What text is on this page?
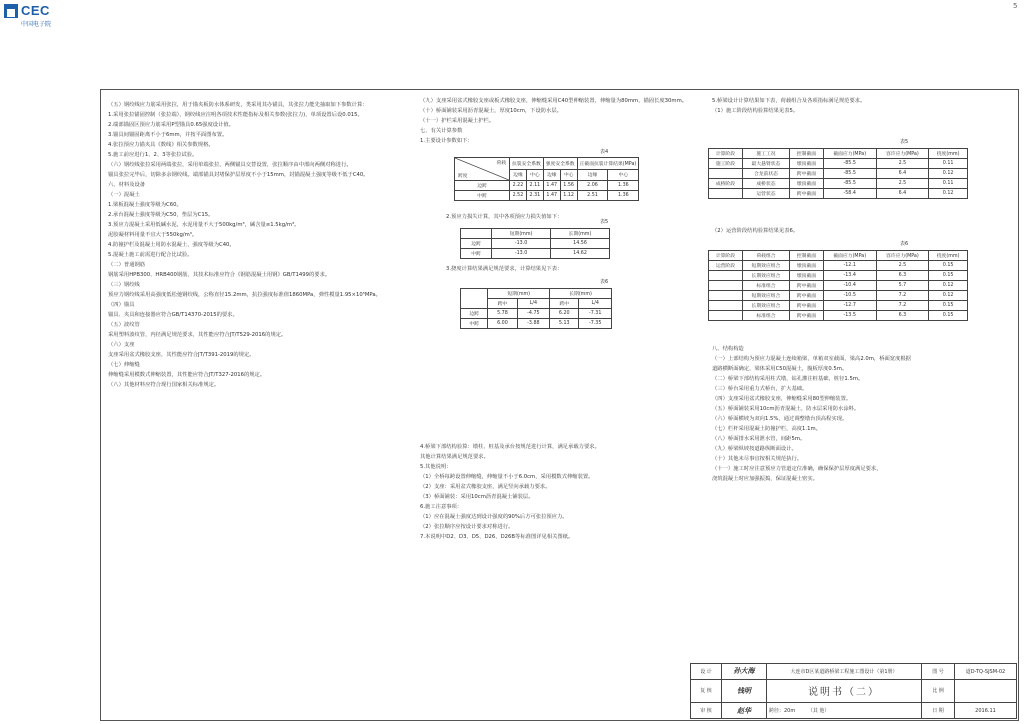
CEC
中国电子院
5

（五）钢绞线应力筋采用张拉，用于锚夹板防水体系研发，类采用其办锚具，其张拉力能先抽取如下参数计算：

1.采用张拉锚固控制（张拉端），钢绞线应注明各项技术性能指标及相关参数(张拉力)，单项设置后设0.015。

2.端部锚固区预应力筋采用P型锚具0.65强度设计值。

3.锚具间锚固距离不小于6mm，并按平面图布置。

4.张拉预应力锚夹具《数线》相关参数规格。

5.施工前应进行1、2、3等张拉试验。

（六）钢绞线张拉采用两端张拉，采用单端张拉，两侧锚具交替设置，张拉顺序由中部向两侧对称进行。

锚具张拉完毕后，切除多余钢绞线。端部锚具封堵保护层厚度不小于15mm，封锚混凝土强度等级不低于C40。

六、材料及设备

（一）混凝土

1.梁板混凝土强度等级为C60。

2.承台混凝土强度等级为C50，垫层为C15。

3.预应力混凝土采用低碱水泥，水泥用量不大于500kg/m³，碱含量≤1.5kg/m³。

泥胶凝材料用量不宜大于550kg/m³。

4.防撞护栏及混凝土用防水混凝土，强度等级为C40。

5.混凝土施工前需进行配合比试验。

（二）普通钢筋

钢筋采用HPB300、HRB400钢筋，其技术标准应符合《钢筋混凝土用钢》GB/T1499的要求。

（三）钢绞线

预应力钢绞线采用高强度低松弛钢绞线，公称直径15.2mm，抗拉强度标准值1860MPa，弹性模量1.95×10⁵MPa。

（四）锚具

锚具、夹具和连接器应符合GB/T14370-2015的要求。

（五）波纹管

采用塑料波纹管，内径满足规范要求，其性能应符合JT/T529-2016的规定。

（六）支座

支座采用盆式橡胶支座，其性能应符合JT/T391-2019的规定。

（七）伸缩缝

伸缩缝采用模数式伸缩装置，其性能应符合JT/T327-2016的规定。

（八）其他材料应符合现行国家相关标准规定。

（九）支座采用盆式橡胶支座或板式橡胶支座，伸缩缝采用C40型伸缩装置，伸缩量为80mm，锚固长度30mm。

（十）桥面铺装采用沥青混凝土，厚度10cm，下设防水层。

（十一）护栏采用混凝土护栏。

七、有关计算参数

1.主要设计参数如下：

表4
荷载
跨度	抗裂安全系数		强度安全系数		正截面抗裂计算结果(MPa)	
	边缘	中心	边缘	中心	边缘	中心
边跨	2.22	2.11	1.47	1.56	2.06	1.36
中跨	2.52	2.31	1.47	1.12	2.51	1.36
2.预应力损失计算，其中各项预应力损失值如下：
表5
	短期(mm)	长期(mm)
边跨	-13.0	14.56
中跨	-13.0	14.62
3.挠度计算结果满足规范要求，计算结果见下表：
表6
	短期(mm)		长期(mm)	
	跨中	L/4	跨中	L/4
边跨	5.78	-4.75	6.20	-7.31
中跨	6.00	-3.88	5.13	-7.35

4.桥梁下部结构验算：墩柱、桩基及承台按规范进行计算，满足承载力要求。

其他计算结果满足规范要求。

5.其他说明：

（1）全桥每跨设置伸缩缝，伸缩量不小于6.0cm，采用模数式伸缩装置。

（2）支座：采用盆式橡胶支座，满足竖向承载力要求。

（3）桥面铺装：采用10cm沥青混凝土铺装层。

6.施工注意事项：

（1）应在混凝土强度达到设计强度的90%后方可张拉预应力。

（2）张拉顺序应按设计要求对称进行。

7.本说明中D2、D3、D5、D26、D26B等标准图详见相关图纸。

5.桥梁设计计算结果如下表，荷载组合及各项指标满足规范要求。

（1）施工阶段结构验算结果见表5。

表5
计算阶段	施工工况	控制截面	截面应力(MPa)	容许应力(MPa)	挠度(mm)
施工阶段	最大悬臂状态	墩顶截面	-85.5	2.5	0.11
	合龙前状态	跨中截面	-85.5	6.4	0.12
成桥阶段	成桥状态	墩顶截面	-85.5	2.5	0.11
	运营状态	跨中截面	-58.4	6.4	0.12
（2）运营阶段结构验算结果见表6。
表6
计算阶段	荷载组合	控制截面	截面应力(MPa)	容许应力(MPa)	挠度(mm)
运营阶段	短期效应组合	墩顶截面	-12.1	2.5	0.15
	长期效应组合	墩顶截面	-13.4	6.3	0.15
	标准组合	跨中截面	-10.4	5.7	0.12
	短期效应组合	跨中截面	-10.5	7.2	0.12
	长期效应组合	跨中截面	-12.7	7.2	0.15
	标准组合	跨中截面	-13.5	6.3	0.15

八、结构构造

（一）上部结构为预应力混凝土连续箱梁，单箱双室截面，梁高2.0m，桥面宽度根据

道路横断面确定，梁体采用C50混凝土，腹板厚度0.5m。

（二）桥梁下部结构采用柱式墩，钻孔灌注桩基础，桩径1.5m。

（三）桥台采用重力式桥台，扩大基础。

（四）支座采用盆式橡胶支座，伸缩缝采用80型伸缩装置。

（五）桥面铺装采用10cm沥青混凝土，防水层采用防水涂料。

（六）桥面横坡为双向1.5%，通过调整墩台顶高程实现。

（七）栏杆采用混凝土防撞护栏，高度1.1m。

（八）桥面排水采用泄水管，间距5m。

（九）桥梁纵坡按道路纵断面设计。

（十）其他未尽事宜按相关规范执行。

（十一）施工时应注意预应力管道定位准确，确保保护层厚度满足要求，

浇筑混凝土时应加强振捣，保证混凝土密实。

设 计	孙大海	大连市D区某道路桥梁工程施工图设计（第1册）	图 号	道D-TQ-SJSM-02
复 核	钱明	说明书（二）	比 例	
审 核	赵华	跨径：20m　　　 （其 他）	日 期	2016.11
